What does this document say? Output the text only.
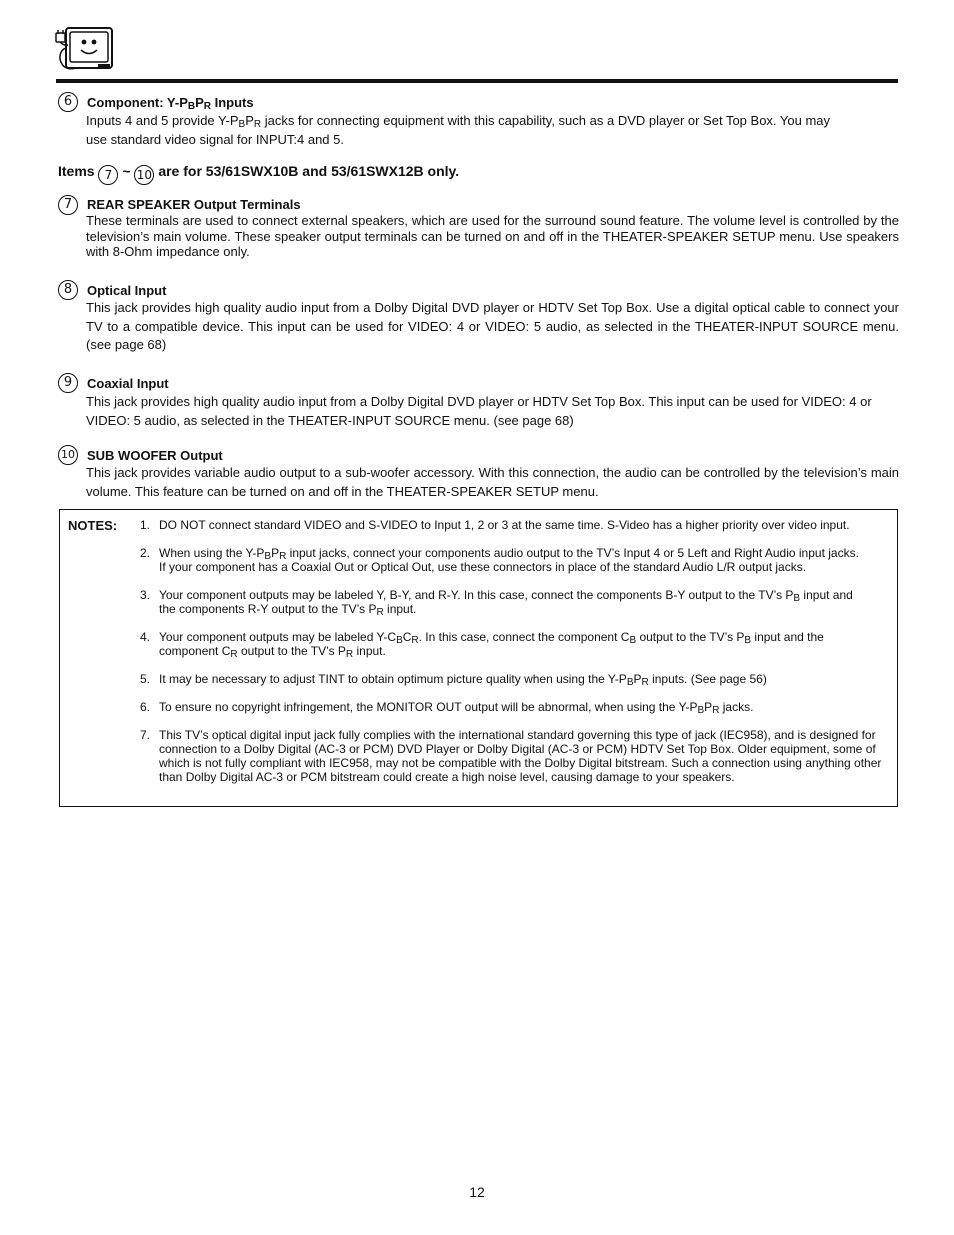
6	Component: $Y-P_BP_R$ Inputs
Inputs 4 and 5 provide $Y-P_BP_R$ jacks for connecting equipment with this capability, such as a DVD player or Set Top Box. You may
use standard video signal for INPUT:4 and 5.
Items 7 ~ 10 are for 53/61SWX10B and 53/61SWX12B only.
7	REAR SPEAKER Output Terminals
These terminals are used to connect external speakers, which are used for the surround sound feature. The volume level is controlled by the television’s main volume. These speaker output terminals can be turned on and off in the THEATER-SPEAKER SETUP menu. Use speakers with 8-Ohm impedance only.
8	Optical Input
This jack provides high quality audio input from a Dolby Digital DVD player or HDTV Set Top Box. Use a digital optical cable to connect your TV to a compatible device. This input can be used for VIDEO: 4 or VIDEO: 5 audio, as selected in the THEATER-INPUT SOURCE menu. (see page 68)
9	Coaxial Input
This jack provides high quality audio input from a Dolby Digital DVD player or HDTV Set Top Box. This input can be used for VIDEO: 4 or VIDEO: 5 audio, as selected in the THEATER-INPUT SOURCE menu. (see page 68)
10 SUB WOOFER Output
This jack provides variable audio output to a sub-woofer accessory. With this connection, the audio can be controlled by the television’s main volume. This feature can be turned on and off in the THEATER-SPEAKER SETUP menu.
NOTES: 1. DO NOT connect standard VIDEO and S-VIDEO to Input 1, 2 or 3 at the same time. S-Video has a higher priority over video input.
2. When using the $Y-P_BP_R$ input jacks, connect your components audio output to the TV’s Input 4 or 5 Left and Right Audio input jacks.
If your component has a Coaxial Out or Optical Out, use these connectors in place of the standard Audio L/R output jacks.
3. Your component outputs may be labeled Y, B-Y, and R-Y. In this case, connect the components B-Y output to the TV’s $P_B$ input and
the components R-Y output to the TV’s $P_R$ input.
4. Your component outputs may be labeled $Y-C_BC_R$. In this case, connect the component $C_B$ output to the TV’s $P_B$ input and the
component $C_R$ output to the TV’s $P_R$ input.
5. It may be necessary to adjust TINT to obtain optimum picture quality when using the $Y-P_BP_R$ inputs. (See page 56)
6. To ensure no copyright infringement, the MONITOR OUT output will be abnormal, when using the $Y-P_BP_R$ jacks.
7. This TV’s optical digital input jack fully complies with the international standard governing this type of jack (IEC958), and is designed for connection to a Dolby Digital (AC-3 or PCM) DVD Player or Dolby Digital (AC-3 or PCM) HDTV Set Top Box. Older equipment, some of which is not fully compliant with IEC958, may not be compatible with the Dolby Digital bitstream. Such a connection using anything other than Dolby Digital AC-3 or PCM bitstream could create a high noise level, causing damage to your speakers.
12
